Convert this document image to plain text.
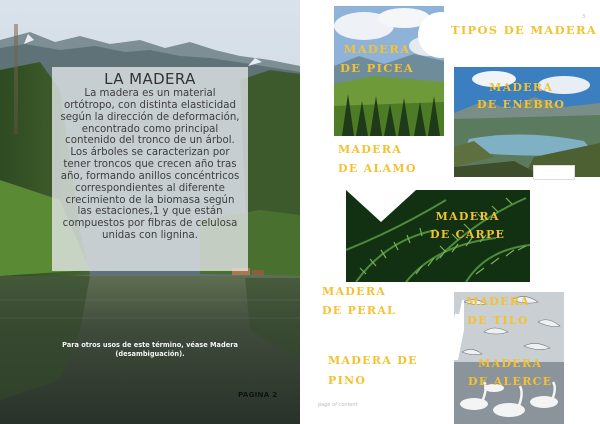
2
LA MADERA

La madera es un material ortótropo, con distinta elasticidad según la dirección de deformación, encontrado como principal contenido del tronco de un árbol. Los árboles se caracterizan por tener troncos que crecen año tras año, formando anillos concéntricos correspondientes al diferente crecimiento de la biomasa según las estaciones,1 y que están compuestos por fibras de celulosa unidas con lignina.

Para otros usos de este término, véase Madera (desambiguación).
PAGINA 2
3
MADERA
DE PICEA
TIPOS DE MADERA
MADERA
DE ENEBRO
MADERA
DE ALAMO
MADERA
DE CARPE
MADERA
DE PERAL
MADERA
DE TILO
MADERA DE
PINO
MADERA
DE ALERCE
page of content
